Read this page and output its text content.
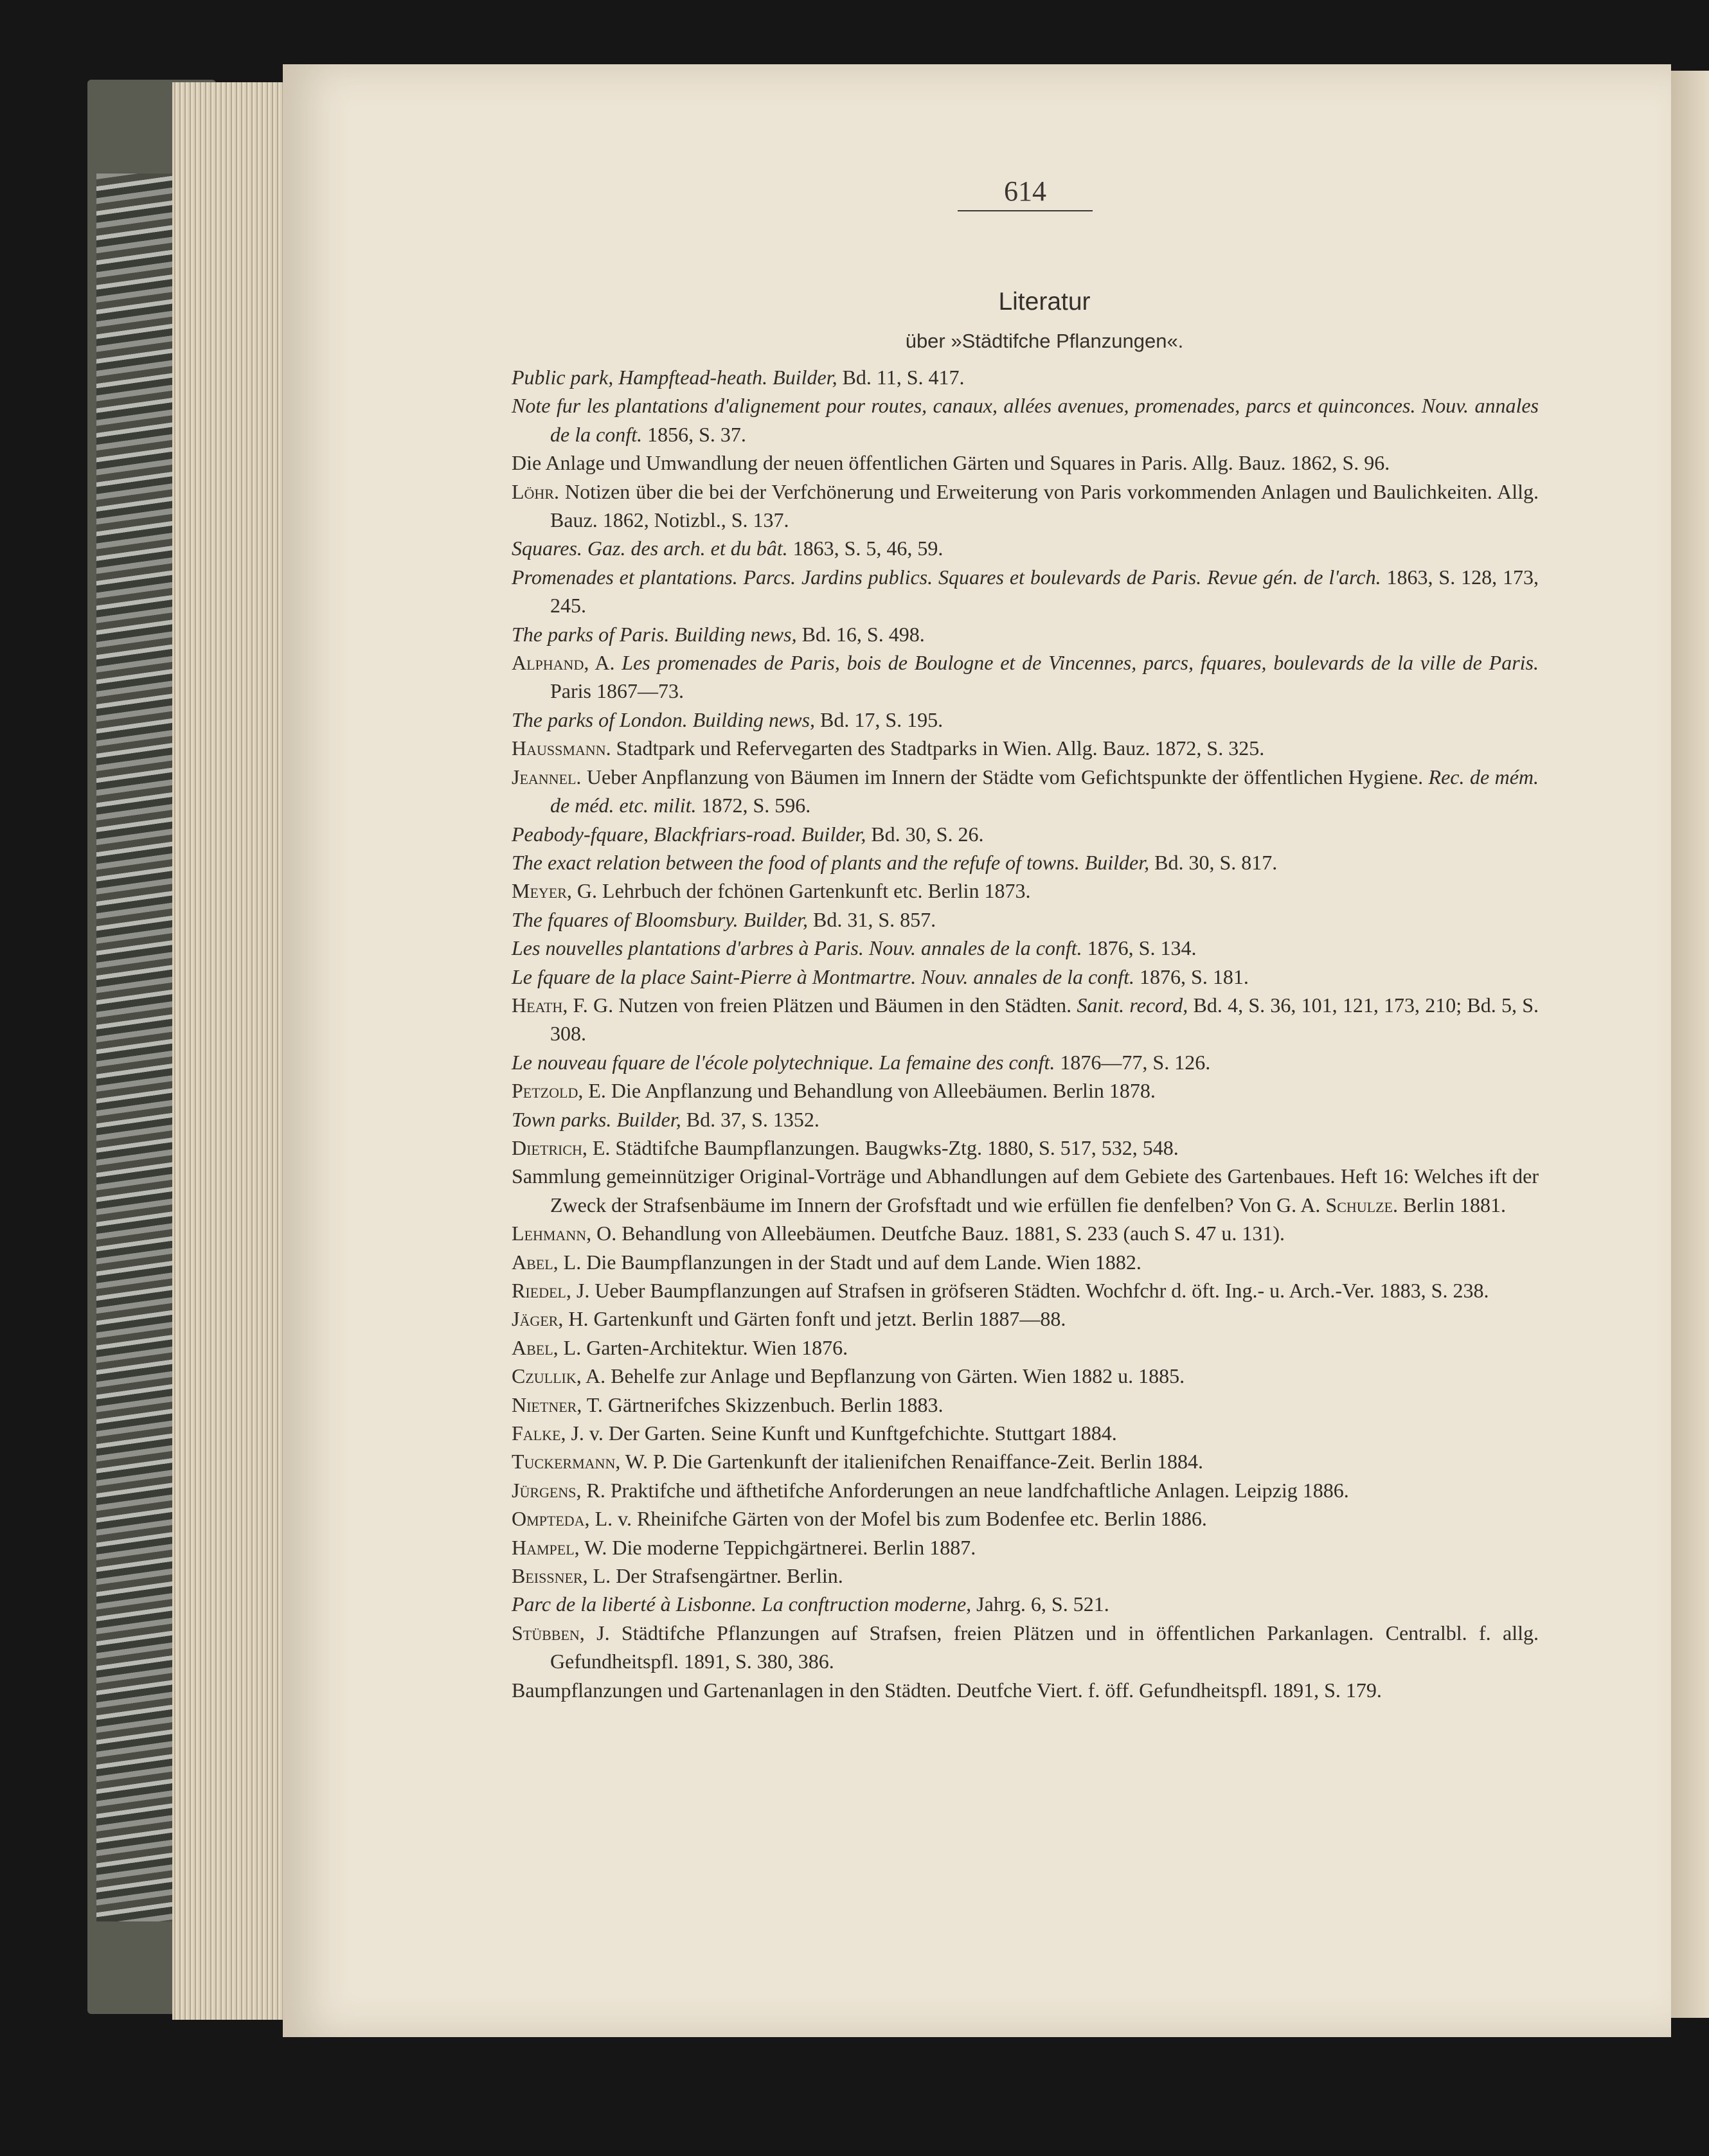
614
Literatur
über »Städtifche Pflanzungen«.

Public park, Hampftead-heath. Builder, Bd. 11, S. 417.

Note fur les plantations d'alignement pour routes, canaux, allées avenues, promenades, parcs et quinconces. Nouv. annales de la conft. 1856, S. 37.

Die Anlage und Umwandlung der neuen öffentlichen Gärten und Squares in Paris. Allg. Bauz. 1862, S. 96.

Löhr. Notizen über die bei der Verfchönerung und Erweiterung von Paris vorkommenden Anlagen und Baulichkeiten. Allg. Bauz. 1862, Notizbl., S. 137.

Squares. Gaz. des arch. et du bât. 1863, S. 5, 46, 59.

Promenades et plantations. Parcs. Jardins publics. Squares et boulevards de Paris. Revue gén. de l'arch. 1863, S. 128, 173, 245.

The parks of Paris. Building news, Bd. 16, S. 498.

Alphand, A. Les promenades de Paris, bois de Boulogne et de Vincennes, parcs, fquares, boulevards de la ville de Paris. Paris 1867—73.

The parks of London. Building news, Bd. 17, S. 195.

Haussmann. Stadtpark und Refervegarten des Stadtparks in Wien. Allg. Bauz. 1872, S. 325.

Jeannel. Ueber Anpflanzung von Bäumen im Innern der Städte vom Gefichtspunkte der öffentlichen Hygiene. Rec. de mém. de méd. etc. milit. 1872, S. 596.

Peabody-fquare, Blackfriars-road. Builder, Bd. 30, S. 26.

The exact relation between the food of plants and the refufe of towns. Builder, Bd. 30, S. 817.

Meyer, G. Lehrbuch der fchönen Gartenkunft etc. Berlin 1873.

The fquares of Bloomsbury. Builder, Bd. 31, S. 857.

Les nouvelles plantations d'arbres à Paris. Nouv. annales de la conft. 1876, S. 134.

Le fquare de la place Saint-Pierre à Montmartre. Nouv. annales de la conft. 1876, S. 181.

Heath, F. G. Nutzen von freien Plätzen und Bäumen in den Städten. Sanit. record, Bd. 4, S. 36, 101, 121, 173, 210; Bd. 5, S. 308.

Le nouveau fquare de l'école polytechnique. La femaine des conft. 1876—77, S. 126.

Petzold, E. Die Anpflanzung und Behandlung von Alleebäumen. Berlin 1878.

Town parks. Builder, Bd. 37, S. 1352.

Dietrich, E. Städtifche Baumpflanzungen. Baugwks-Ztg. 1880, S. 517, 532, 548.

Sammlung gemeinnütziger Original-Vorträge und Abhandlungen auf dem Gebiete des Gartenbaues. Heft 16: Welches ift der Zweck der Strafsenbäume im Innern der Grofsftadt und wie erfüllen fie denfelben? Von G. A. Schulze. Berlin 1881.

Lehmann, O. Behandlung von Alleebäumen. Deutfche Bauz. 1881, S. 233 (auch S. 47 u. 131).

Abel, L. Die Baumpflanzungen in der Stadt und auf dem Lande. Wien 1882.

Riedel, J. Ueber Baumpflanzungen auf Strafsen in gröfseren Städten. Wochfchr d. öft. Ing.- u. Arch.-Ver. 1883, S. 238.

Jäger, H. Gartenkunft und Gärten fonft und jetzt. Berlin 1887—88.

Abel, L. Garten-Architektur. Wien 1876.

Czullik, A. Behelfe zur Anlage und Bepflanzung von Gärten. Wien 1882 u. 1885.

Nietner, T. Gärtnerifches Skizzenbuch. Berlin 1883.

Falke, J. v. Der Garten. Seine Kunft und Kunftgefchichte. Stuttgart 1884.

Tuckermann, W. P. Die Gartenkunft der italienifchen Renaiffance-Zeit. Berlin 1884.

Jürgens, R. Praktifche und äfthetifche Anforderungen an neue landfchaftliche Anlagen. Leipzig 1886.

Ompteda, L. v. Rheinifche Gärten von der Mofel bis zum Bodenfee etc. Berlin 1886.

Hampel, W. Die moderne Teppichgärtnerei. Berlin 1887.

Beissner, L. Der Strafsengärtner. Berlin.

Parc de la liberté à Lisbonne. La conftruction moderne, Jahrg. 6, S. 521.

Stübben, J. Städtifche Pflanzungen auf Strafsen, freien Plätzen und in öffentlichen Parkanlagen. Centralbl. f. allg. Gefundheitspfl. 1891, S. 380, 386.

Baumpflanzungen und Gartenanlagen in den Städten. Deutfche Viert. f. öff. Gefundheitspfl. 1891, S. 179.
